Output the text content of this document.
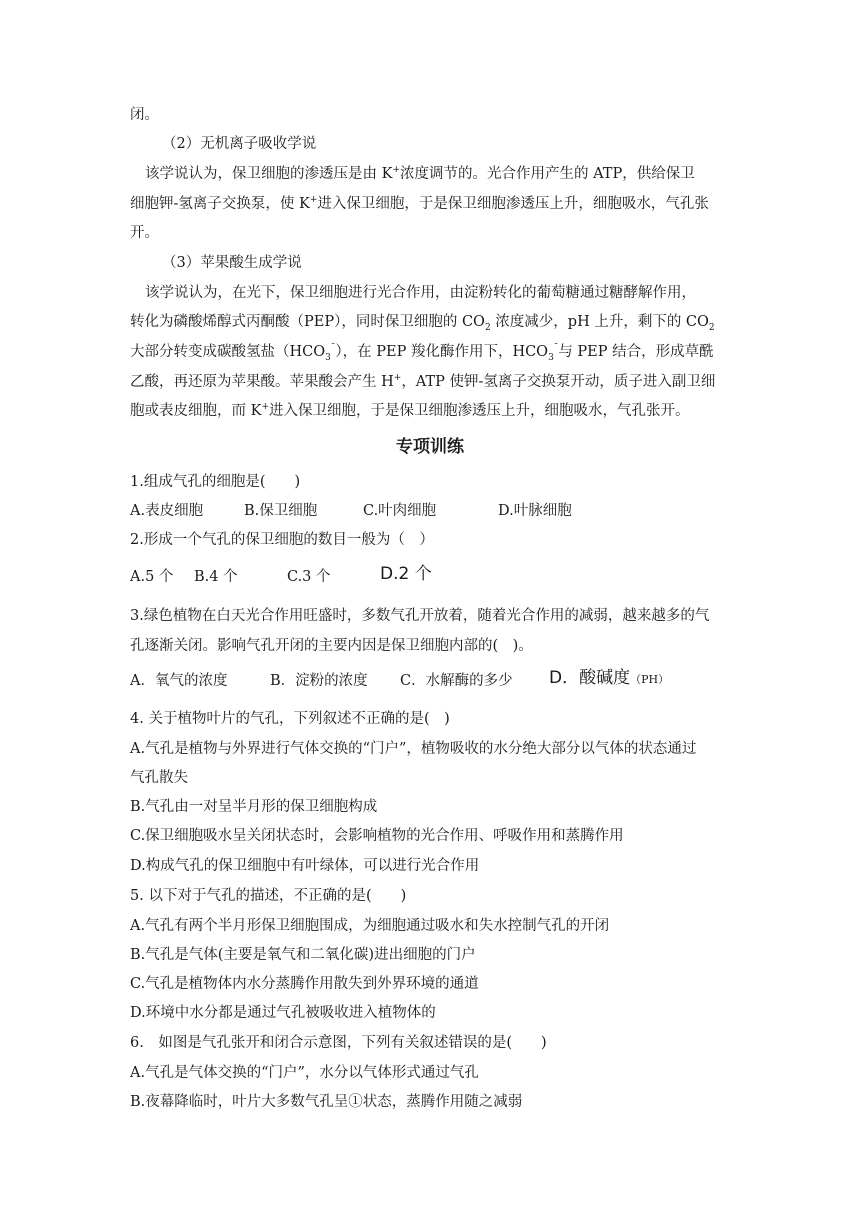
闭。
（2）无机离子吸收学说
该学说认为，保卫细胞的渗透压是由 K+浓度调节的。光合作用产生的 ATP，供给保卫
细胞钾-氢离子交换泵，使 K+进入保卫细胞，于是保卫细胞渗透压上升，细胞吸水，气孔张
开。
（3）苹果酸生成学说
该学说认为，在光下，保卫细胞进行光合作用，由淀粉转化的葡萄糖通过糖酵解作用，
转化为磷酸烯醇式丙酮酸（PEP），同时保卫细胞的 $CO_2$ 浓度减少，pH 上升，剩下的 $CO_2$
大部分转变成碳酸氢盐$(HCO_3^¯)$，在 PEP 羧化酶作用下，$HCO_3^¯$与 PEP 结合，形成草酰
乙酸，再还原为苹果酸。苹果酸会产生 H+，ATP 使钾-氢离子交换泵开动，质子进入副卫细
胞或表皮细胞，而 K+进入保卫细胞，于是保卫细胞渗透压上升，细胞吸水，气孔张开。
专项训练
1.组成气孔的细胞是(　　)
A.表皮细胞	B.保卫细胞	C.叶肉细胞	D.叶脉细胞
2.形成一个气孔的保卫细胞的数目一般为（　）
A.5 个 B.4 个	C.3 个	D.2 个
3.绿色植物在白天光合作用旺盛时，多数气孔开放着，随着光合作用的减弱，越来越多的气
孔逐渐关闭。影响气孔开闭的主要内因是保卫细胞内部的(　)。
A．氧气的浓度	B．淀粉的浓度 C．水解酶的多少 D．酸碱度（PH）
4. 关于植物叶片的气孔，下列叙述不正确的是(　)
A.气孔是植物与外界进行气体交换的“门户”，植物吸收的水分绝大部分以气体的状态通过
气孔散失
B.气孔由一对呈半月形的保卫细胞构成
C.保卫细胞吸水呈关闭状态时，会影响植物的光合作用、呼吸作用和蒸腾作用
D.构成气孔的保卫细胞中有叶绿体，可以进行光合作用
5. 以下对于气孔的描述，不正确的是(　　)
A.气孔有两个半月形保卫细胞围成，为细胞通过吸水和失水控制气孔的开闭
B.气孔是气体(主要是氧气和二氧化碳)进出细胞的门户
C.气孔是植物体内水分蒸腾作用散失到外界环境的通道
D.环境中水分都是通过气孔被吸收进入植物体的
6.　如图是气孔张开和闭合示意图，下列有关叙述错误的是(　　)
A.气孔是气体交换的“门户”，水分以气体形式通过气孔
B.夜幕降临时，叶片大多数气孔呈①状态，蒸腾作用随之减弱
